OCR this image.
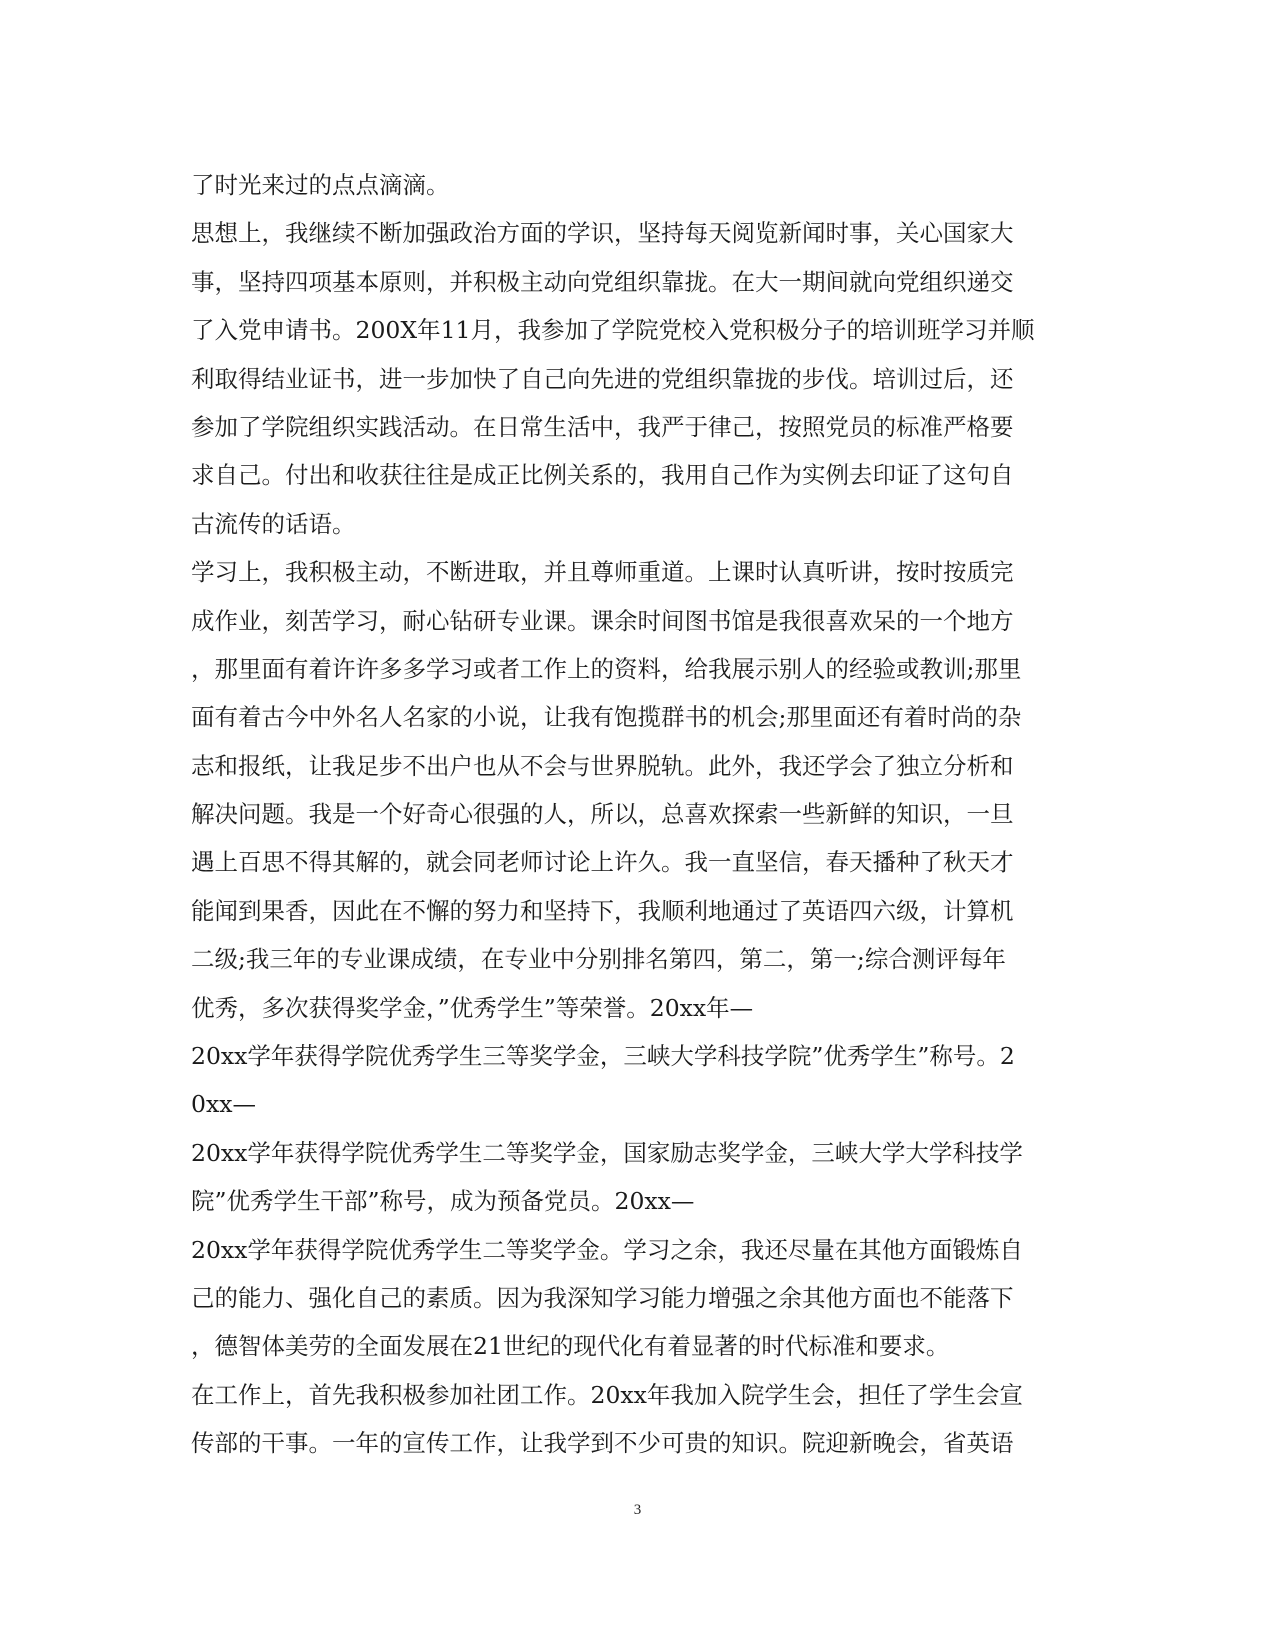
了时光来过的点点滴滴。
思想上，我继续不断加强政治方面的学识，坚持每天阅览新闻时事，关心国家大
事，坚持四项基本原则，并积极主动向党组织靠拢。在大一期间就向党组织递交
了入党申请书。200X年11月，我参加了学院党校入党积极分子的培训班学习并顺
利取得结业证书，进一步加快了自己向先进的党组织靠拢的步伐。培训过后，还
参加了学院组织实践活动。在日常生活中，我严于律己，按照党员的标准严格要
求自己。付出和收获往往是成正比例关系的，我用自己作为实例去印证了这句自
古流传的话语。
学习上，我积极主动，不断进取，并且尊师重道。上课时认真听讲，按时按质完
成作业，刻苦学习，耐心钻研专业课。课余时间图书馆是我很喜欢呆的一个地方
，那里面有着许许多多学习或者工作上的资料，给我展示别人的经验或教训;那里
面有着古今中外名人名家的小说，让我有饱揽群书的机会;那里面还有着时尚的杂
志和报纸，让我足步不出户也从不会与世界脱轨。此外，我还学会了独立分析和
解决问题。我是一个好奇心很强的人，所以，总喜欢探索一些新鲜的知识，一旦
遇上百思不得其解的，就会同老师讨论上许久。我一直坚信，春天播种了秋天才
能闻到果香，因此在不懈的努力和坚持下，我顺利地通过了英语四六级，计算机
二级;我三年的专业课成绩，在专业中分别排名第四，第二，第一;综合测评每年
优秀，多次获得奖学金，”优秀学生”等荣誉。20xx年—
20xx学年获得学院优秀学生三等奖学金，三峡大学科技学院”优秀学生”称号。2
0xx—
20xx学年获得学院优秀学生二等奖学金，国家励志奖学金，三峡大学大学科技学
院”优秀学生干部”称号，成为预备党员。20xx—
20xx学年获得学院优秀学生二等奖学金。学习之余，我还尽量在其他方面锻炼自
己的能力、强化自己的素质。因为我深知学习能力增强之余其他方面也不能落下
，德智体美劳的全面发展在21世纪的现代化有着显著的时代标准和要求。
在工作上，首先我积极参加社团工作。20xx年我加入院学生会，担任了学生会宣
传部的干事。一年的宣传工作，让我学到不少可贵的知识。院迎新晚会，省英语
3
